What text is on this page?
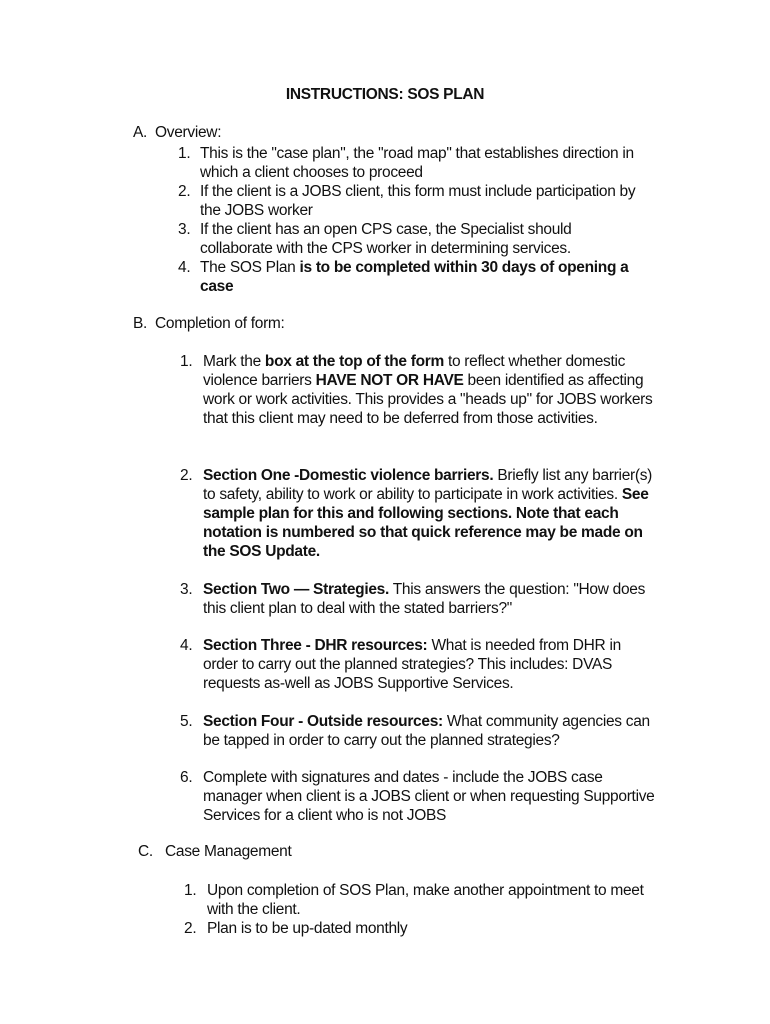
INSTRUCTIONS: SOS PLAN
A. Overview:
1. This is the "case plan", the "road map" that establishes direction in which a client chooses to proceed
2. If the client is a JOBS client, this form must include participation by the JOBS worker
3. If the client has an open CPS case, the Specialist should collaborate with the CPS worker in determining services.
4. The SOS Plan is to be completed within 30 days of opening a case
B. Completion of form:
1. Mark the box at the top of the form to reflect whether domestic violence barriers HAVE NOT OR HAVE been identified as affecting work or work activities. This provides a "heads up" for JOBS workers that this client may need to be deferred from those activities.
2. Section One -Domestic violence barriers. Briefly list any barrier(s) to safety, ability to work or ability to participate in work activities. See sample plan for this and following sections. Note that each notation is numbered so that quick reference may be made on the SOS Update.
3. Section Two — Strategies. This answers the question: "How does this client plan to deal with the stated barriers?"
4. Section Three - DHR resources: What is needed from DHR in order to carry out the planned strategies? This includes: DVAS requests as-well as JOBS Supportive Services.
5. Section Four - Outside resources: What community agencies can be tapped in order to carry out the planned strategies?
6. Complete with signatures and dates - include the JOBS case manager when client is a JOBS client or when requesting Supportive Services for a client who is not JOBS
C. Case Management
1. Upon completion of SOS Plan, make another appointment to meet with the client.
2. Plan is to be up-dated monthly
